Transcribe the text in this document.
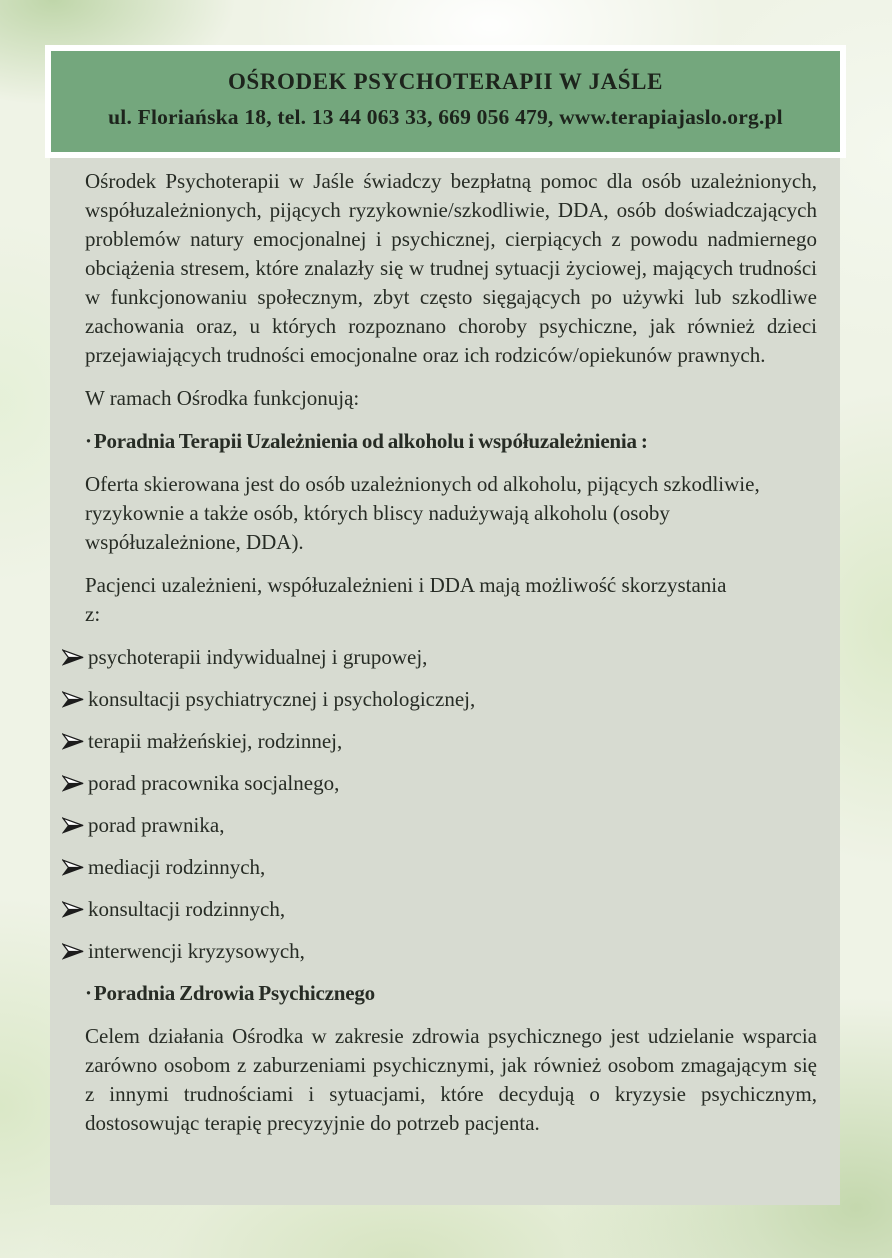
OŚRODEK PSYCHOTERAPII W JAŚLE
ul. Floriańska 18, tel. 13 44 063 33, 669 056 479, www.terapiajaslo.org.pl

Ośrodek Psychoterapii w Jaśle świadczy bezpłatną pomoc dla osób uzależnionych, współuzależnionych, pijących ryzykownie/szkodliwie, DDA, osób doświadczających problemów natury emocjonalnej i psychicznej, cierpiących z powodu nadmiernego obciążenia stresem, które znalazły się w trudnej sytuacji życiowej, mających trudności w funkcjonowaniu społecznym, zbyt często sięgających po używki lub szkodliwe zachowania oraz, u których rozpoznano choroby psychiczne, jak również dzieci przejawiających trudności emocjonalne oraz ich rodziców/opiekunów prawnych.

W ramach Ośrodka funkcjonują:

·Poradnia Terapii Uzależnienia od alkoholu i współuzależnienia :

Oferta skierowana jest do osób uzależnionych od alkoholu, pijących szkodliwie, ryzykownie a także osób, których bliscy nadużywają alkoholu (osoby współuzależnione, DDA).

Pacjenci uzależnieni, współuzależnieni i DDA mają możliwość skorzystania z:

psychoterapii indywidualnej i grupowej,
konsultacji psychiatrycznej i psychologicznej,
terapii małżeńskiej, rodzinnej,
porad pracownika socjalnego,
porad prawnika,
mediacji rodzinnych,
konsultacji rodzinnych,
interwencji kryzysowych,

·Poradnia Zdrowia Psychicznego

Celem działania Ośrodka w zakresie zdrowia psychicznego jest udzielanie wsparcia zarówno osobom z zaburzeniami psychicznymi, jak również osobom zmagającym się z innymi trudnościami i sytuacjami, które decydują o kryzysie psychicznym, dostosowując terapię precyzyjnie do potrzeb pacjenta.
